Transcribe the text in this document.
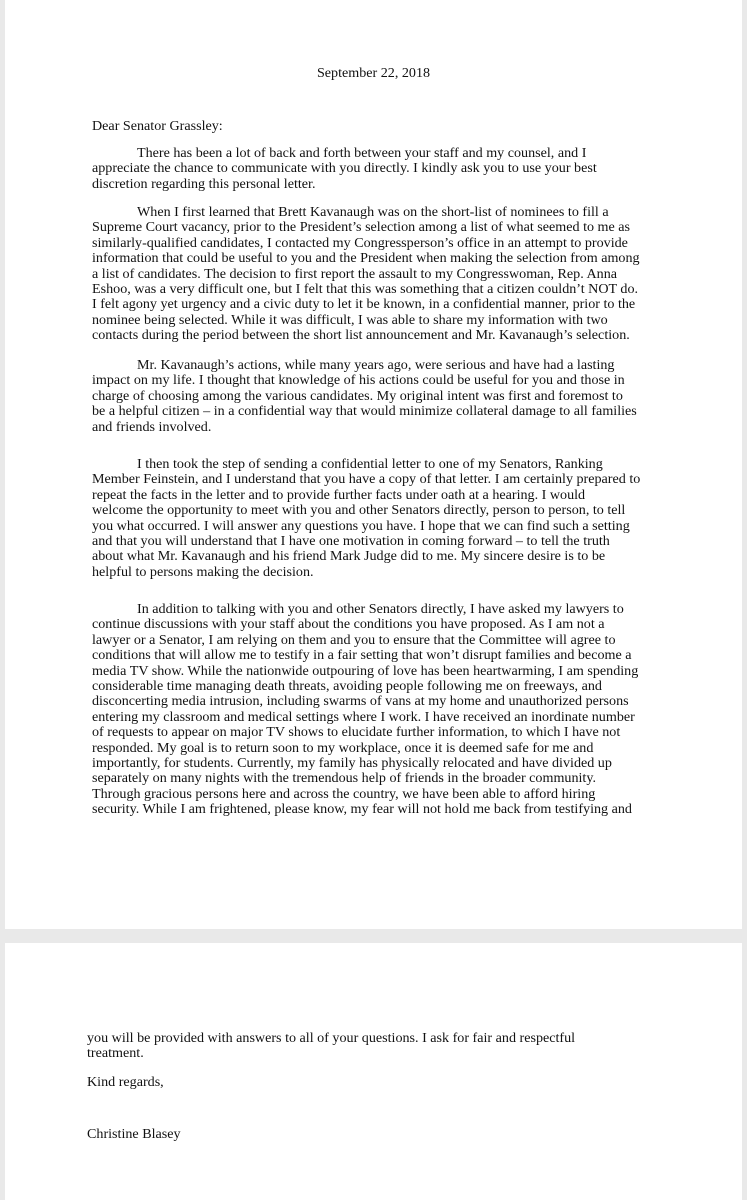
September 22, 2018
Dear Senator Grassley:
There has been a lot of back and forth between your staff and my counsel, and I
appreciate the chance to communicate with you directly. I kindly ask you to use your best
discretion regarding this personal letter.
When I first learned that Brett Kavanaugh was on the short-list of nominees to fill a
Supreme Court vacancy, prior to the President’s selection among a list of what seemed to me as
similarly-qualified candidates, I contacted my Congressperson’s office in an attempt to provide
information that could be useful to you and the President when making the selection from among
a list of candidates. The decision to first report the assault to my Congresswoman, Rep. Anna
Eshoo, was a very difficult one, but I felt that this was something that a citizen couldn’t NOT do.
I felt agony yet urgency and a civic duty to let it be known, in a confidential manner, prior to the
nominee being selected. While it was difficult, I was able to share my information with two
contacts during the period between the short list announcement and Mr. Kavanaugh’s selection.
Mr. Kavanaugh’s actions, while many years ago, were serious and have had a lasting
impact on my life. I thought that knowledge of his actions could be useful for you and those in
charge of choosing among the various candidates. My original intent was first and foremost to
be a helpful citizen – in a confidential way that would minimize collateral damage to all families
and friends involved.
I then took the step of sending a confidential letter to one of my Senators, Ranking
Member Feinstein, and I understand that you have a copy of that letter. I am certainly prepared to
repeat the facts in the letter and to provide further facts under oath at a hearing. I would
welcome the opportunity to meet with you and other Senators directly, person to person, to tell
you what occurred. I will answer any questions you have. I hope that we can find such a setting
and that you will understand that I have one motivation in coming forward – to tell the truth
about what Mr. Kavanaugh and his friend Mark Judge did to me. My sincere desire is to be
helpful to persons making the decision.
In addition to talking with you and other Senators directly, I have asked my lawyers to
continue discussions with your staff about the conditions you have proposed. As I am not a
lawyer or a Senator, I am relying on them and you to ensure that the Committee will agree to
conditions that will allow me to testify in a fair setting that won’t disrupt families and become a
media TV show. While the nationwide outpouring of love has been heartwarming, I am spending
considerable time managing death threats, avoiding people following me on freeways, and
disconcerting media intrusion, including swarms of vans at my home and unauthorized persons
entering my classroom and medical settings where I work. I have received an inordinate number
of requests to appear on major TV shows to elucidate further information, to which I have not
responded. My goal is to return soon to my workplace, once it is deemed safe for me and
importantly, for students. Currently, my family has physically relocated and have divided up
separately on many nights with the tremendous help of friends in the broader community.
Through gracious persons here and across the country, we have been able to afford hiring
security. While I am frightened, please know, my fear will not hold me back from testifying and
you will be provided with answers to all of your questions. I ask for fair and respectful
treatment.
Kind regards,
Christine Blasey
